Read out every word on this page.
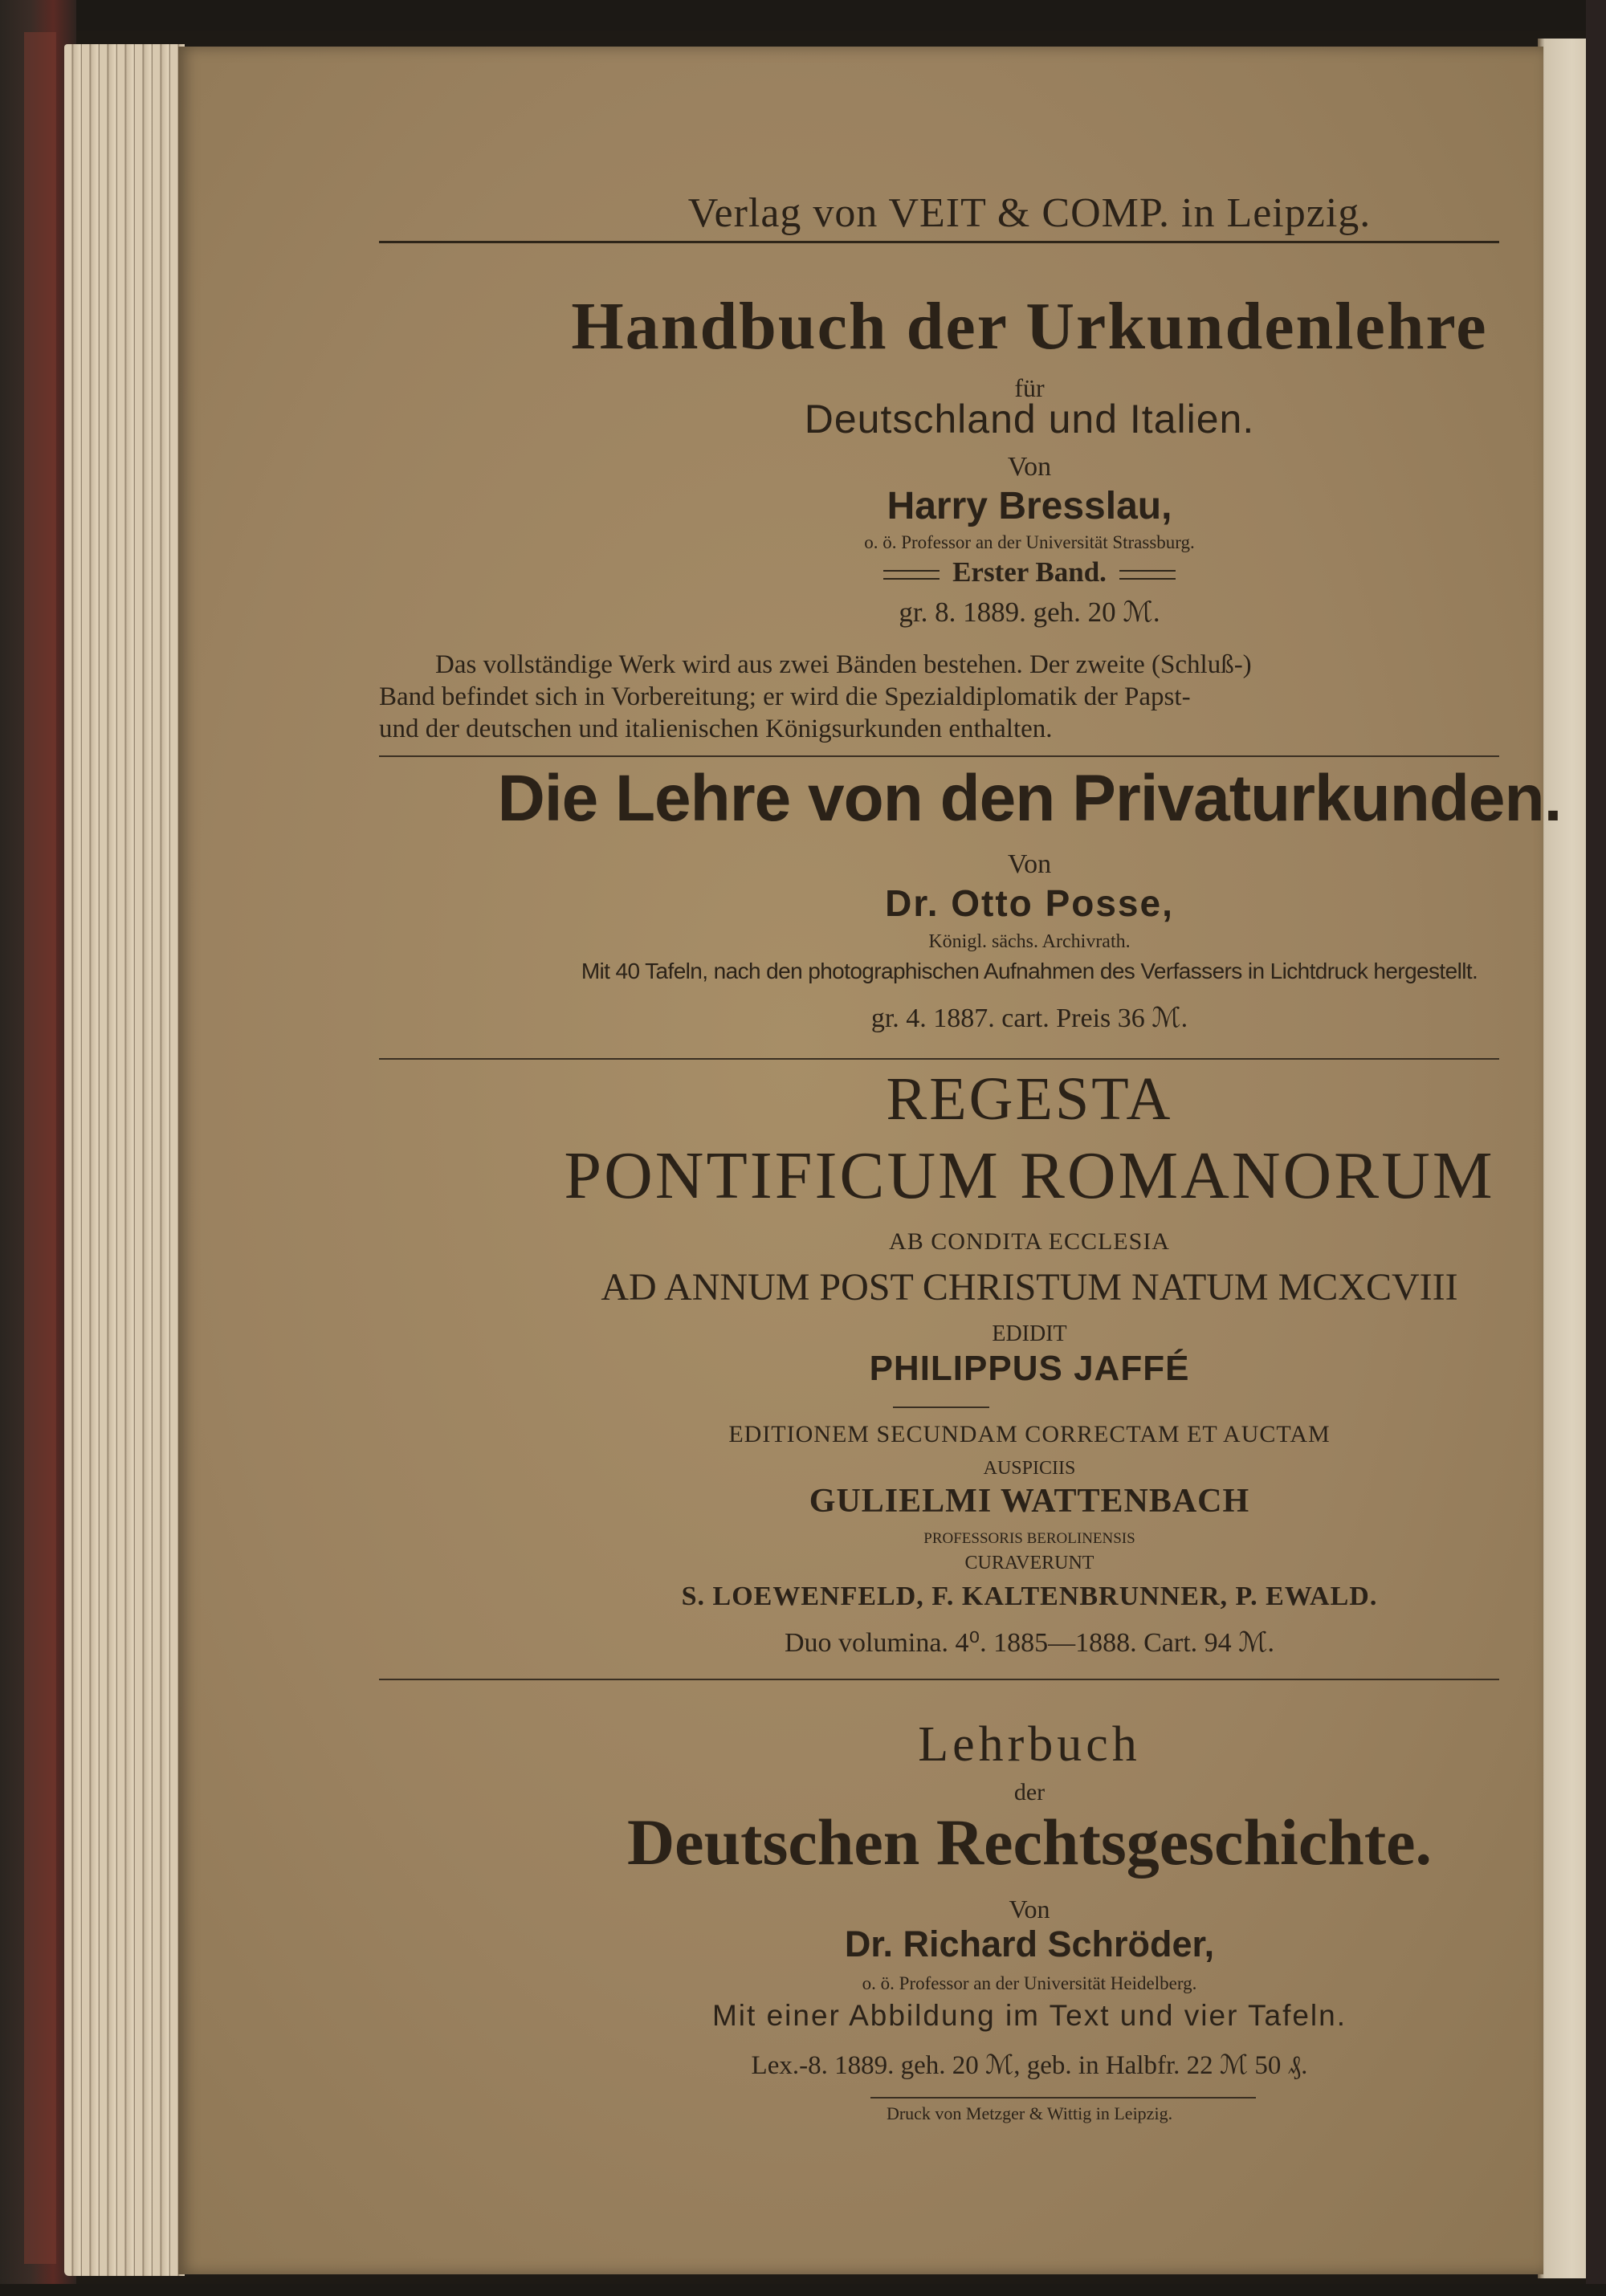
Verlag von VEIT & COMP. in Leipzig.
Handbuch der Urkundenlehre
für
Deutschland und Italien.
Von
Harry Bresslau,
o. ö. Professor an der Universität Strassburg.
Erster Band.
gr. 8. 1889. geh. 20 ℳ.
Das vollständige Werk wird aus zwei Bänden bestehen. Der zweite (Schluß-)
Band befindet sich in Vorbereitung; er wird die Spezialdiplomatik der Papst-
und der deutschen und italienischen Königsurkunden enthalten.
Die Lehre von den Privaturkunden.
Von
Dr. Otto Posse,
Königl. sächs. Archivrath.
Mit 40 Tafeln, nach den photographischen Aufnahmen des Verfassers in Lichtdruck hergestellt.
gr. 4. 1887. cart. Preis 36 ℳ.
REGESTA
PONTIFICUM ROMANORUM
AB CONDITA ECCLESIA
AD ANNUM POST CHRISTUM NATUM MCXCVIII
EDIDIT
PHILIPPUS JAFFÉ
EDITIONEM SECUNDAM CORRECTAM ET AUCTAM
AUSPICIIS
GULIELMI WATTENBACH
PROFESSORIS BEROLINENSIS
CURAVERUNT
S. LOEWENFELD, F. KALTENBRUNNER, P. EWALD.
Duo volumina. 4⁰. 1885—1888. Cart. 94 ℳ.
Lehrbuch
der
Deutschen Rechtsgeschichte.
Von
Dr. Richard Schröder,
o. ö. Professor an der Universität Heidelberg.
Mit einer Abbildung im Text und vier Tafeln.
Lex.-8. 1889. geh. 20 ℳ, geb. in Halbfr. 22 ℳ 50 ₰.
Druck von Metzger & Wittig in Leipzig.
